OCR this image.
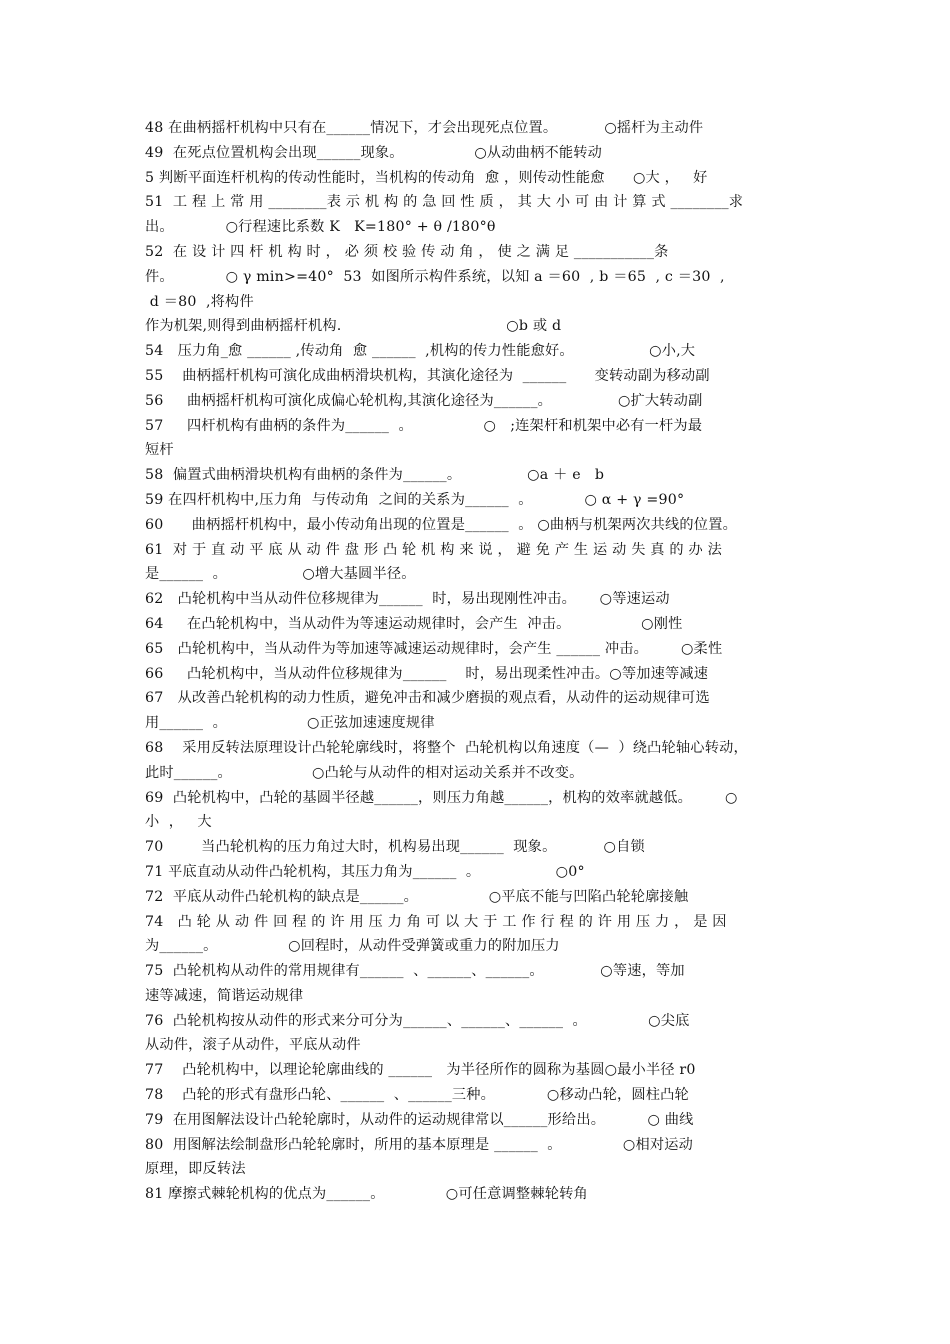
48 在曲柄摇杆机构中只有在______情况下，才会出现死点位置。          ○摇杆为主动件
49  在死点位置机构会出现______现象。               ○从动曲柄不能转动
5 判断平面连杆机构的传动性能时，当机构的传动角  愈 ，则传动性能愈      ○大 ，   好
51  工 程 上 常 用 ________表 示 机 构 的 急 回 性 质 ， 其 大 小 可 由 计 算 式 ________求
出。           ○行程速比系数 K   K=180° + θ /180°θ
52  在 设 计 四 杆 机 构 时 ， 必 须 校 验 传 动 角 ， 使 之 满 足 ___________条
件。           ○ γ min>=40°  53  如图所示构件系统，以知 a ＝60  , b ＝65  , c ＝30  ,
d ＝80  ,将构件
作为机架,则得到曲柄摇杆机构.                                   ○b 或 d
54   压力角_愈 ______ ,传动角  愈 ______  ,机构的传力性能愈好。                ○小,大
55    曲柄摇杆机构可演化成曲柄滑块机构，其演化途径为  ______      变转动副为移动副
56     曲柄摇杆机构可演化成偏心轮机构,其演化途径为______。              ○扩大转动副
57     四杆机构有曲柄的条件为______  。               ○   ;连架杆和机架中必有一杆为最
短杆
58  偏置式曲柄滑块机构有曲柄的条件为______。              ○a ＋ e   b
59 在四杆机构中,压力角  与传动角  之间的关系为______  。           ○ α + γ =90°
60      曲柄摇杆机构中，最小传动角出现的位置是______  。 ○曲柄与机架两次共线的位置。
61  对 于 直 动 平 底 从 动 件 盘 形 凸 轮 机 构 来 说 ， 避 免 产 生 运 动 失 真 的 办 法
是______  。                ○增大基圆半径。
62   凸轮机构中当从动件位移规律为______  时，易出现刚性冲击。     ○等速运动
64     在凸轮机构中，当从动件为等速运动规律时，会产生  冲击。               ○刚性
65   凸轮机构中，当从动件为等加速等减速运动规律时，会产生 ______ 冲击。       ○柔性
66     凸轮机构中，当从动件位移规律为______    时，易出现柔性冲击。○等加速等减速
67   从改善凸轮机构的动力性质，避免冲击和减少磨损的观点看，从动件的运动规律可选
用______  。                 ○正弦加速速度规律
68    采用反转法原理设计凸轮轮廓线时，将整个  凸轮机构以角速度（—  ）绕凸轮轴心转动，
此时______。                 ○凸轮与从动件的相对运动关系并不改变。
69  凸轮机构中，凸轮的基圆半径越______，则压力角越______，机构的效率就越低。       ○
小  ，   大
70        当凸轮机构的压力角过大时，机构易出现______  现象。          ○自锁
71 平底直动从动件凸轮机构，其压力角为______  。                ○0°
72  平底从动件凸轮机构的缺点是______。               ○平底不能与凹陷凸轮轮廓接触
74   凸 轮 从 动 件 回 程 的 许 用 压 力 角 可 以 大 于 工 作 行 程 的 许 用 压 力 ， 是 因
为______。               ○回程时，从动件受弹簧或重力的附加压力
75  凸轮机构从动件的常用规律有______  、______、______。            ○等速，等加
速等减速，简谐运动规律
76  凸轮机构按从动件的形式来分可分为______、______、______  。             ○尖底
从动件，滚子从动件，平底从动件
77    凸轮机构中，以理论轮廓曲线的 ______   为半径所作的圆称为基圆○最小半径 r0
78    凸轮的形式有盘形凸轮、______  、______三种。           ○移动凸轮，圆柱凸轮
79  在用图解法设计凸轮轮廓时，从动件的运动规律常以______形给出。         ○ 曲线
80  用图解法绘制盘形凸轮轮廓时，所用的基本原理是 ______  。             ○相对运动
原理，即反转法
81 摩擦式棘轮机构的优点为______。             ○可任意调整棘轮转角
